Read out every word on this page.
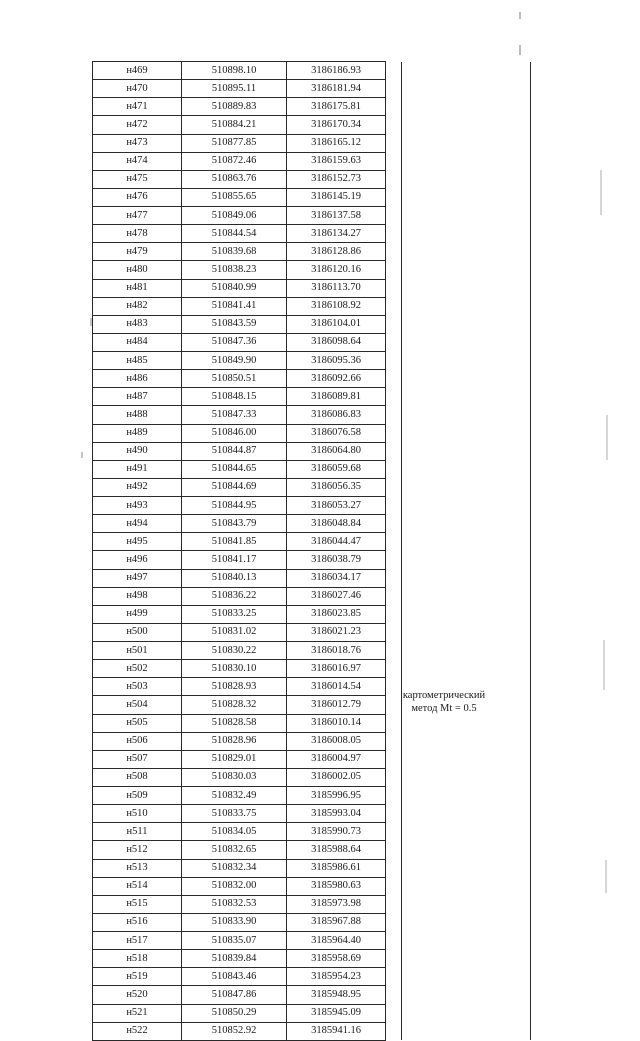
н469	510898.10	3186186.93		
н470	510895.11	3186181.94		
н471	510889.83	3186175.81		
н472	510884.21	3186170.34		
н473	510877.85	3186165.12		
н474	510872.46	3186159.63		
н475	510863.76	3186152.73		
н476	510855.65	3186145.19		
н477	510849.06	3186137.58		
н478	510844.54	3186134.27		
н479	510839.68	3186128.86		
н480	510838.23	3186120.16		
н481	510840.99	3186113.70		
н482	510841.41	3186108.92		
н483	510843.59	3186104.01		
н484	510847.36	3186098.64		
н485	510849.90	3186095.36		
н486	510850.51	3186092.66		
н487	510848.15	3186089.81		
н488	510847.33	3186086.83		
н489	510846.00	3186076.58		
н490	510844.87	3186064.80		
н491	510844.65	3186059.68		
н492	510844.69	3186056.35		
н493	510844.95	3186053.27		
н494	510843.79	3186048.84		
н495	510841.85	3186044.47		
н496	510841.17	3186038.79		
н497	510840.13	3186034.17		
н498	510836.22	3186027.46		
н499	510833.25	3186023.85		
н500	510831.02	3186021.23		
н501	510830.22	3186018.76		
н502	510830.10	3186016.97		
н503	510828.93	3186014.54		
н504	510828.32	3186012.79		
н505	510828.58	3186010.14		
н506	510828.96	3186008.05		
н507	510829.01	3186004.97		
н508	510830.03	3186002.05		
н509	510832.49	3185996.95		
н510	510833.75	3185993.04		
н511	510834.05	3185990.73		
н512	510832.65	3185988.64		
н513	510832.34	3185986.61		
н514	510832.00	3185980.63		
н515	510832.53	3185973.98		
н516	510833.90	3185967.88		
н517	510835.07	3185964.40		
н518	510839.84	3185958.69		
н519	510843.46	3185954.23		
н520	510847.86	3185948.95		
н521	510850.29	3185945.09		
н522	510852.92	3185941.16		
картометрический
метод Mt = 0.5
